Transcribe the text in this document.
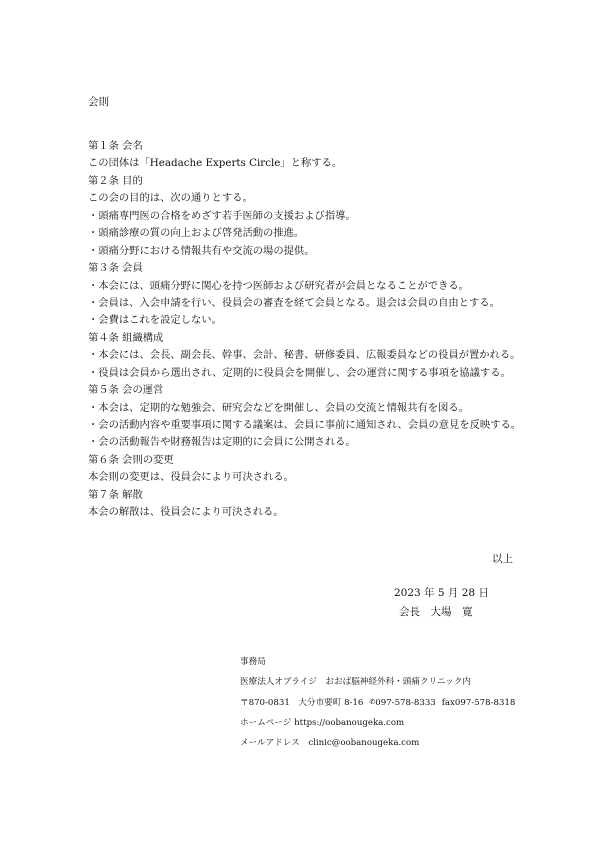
会則
第１条 会名
この団体は「Headache Experts Circle」と称する。
第２条 目的
この会の目的は、次の通りとする。
・頭痛専門医の合格をめざす若手医師の支援および指導。
・頭痛診療の質の向上および啓発活動の推進。
・頭痛分野における情報共有や交流の場の提供。
第３条 会員
・本会には、頭痛分野に関心を持つ医師および研究者が会員となることができる。
・会員は、入会申請を行い、役員会の審査を経て会員となる。退会は会員の自由とする。
・会費はこれを設定しない。
第４条 組織構成
・本会には、会長、副会長、幹事、会計、秘書、研修委員、広報委員などの役員が置かれる。
・役員は会員から選出され、定期的に役員会を開催し、会の運営に関する事項を協議する。
第５条 会の運営
・本会は、定期的な勉強会、研究会などを開催し、会員の交流と情報共有を図る。
・会の活動内容や重要事項に関する議案は、会員に事前に通知され、会員の意見を反映する。
・会の活動報告や財務報告は定期的に会員に公開される。
第６条 会則の変更
本会則の変更は、役員会により可決される。
第７条 解散
本会の解散は、役員会により可決される。
以上
2023 年 5 月 28 日
会長　大場　寛
事務局
医療法人オブライジ　おおば脳神経外科・頭痛クリニック内
〒870-0831　大分市要町 8-16 ✆097-578-8333 fax097-578-8318
ホームページ https://oobanougeka.com
メールアドレス　clinic@oobanougeka.com
